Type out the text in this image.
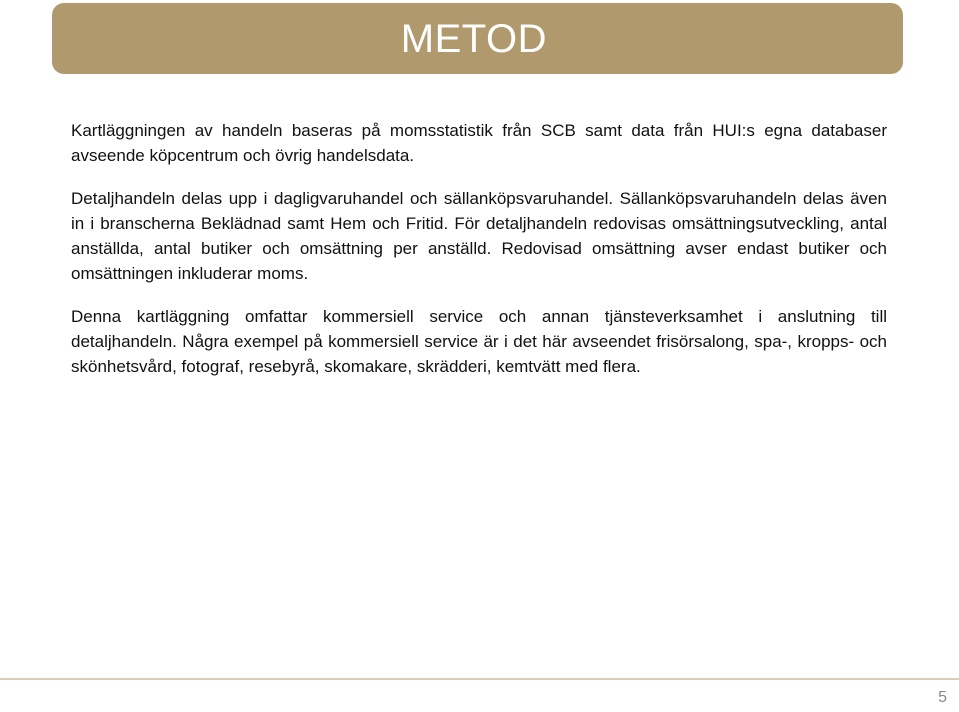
METOD

Kartläggningen av handeln baseras på momsstatistik från SCB samt data från HUI:s egna databaser avseende köpcentrum och övrig handelsdata.

Detaljhandeln delas upp i dagligvaruhandel och sällanköpsvaruhandel. Sällanköpsvaruhandeln delas även in i branscherna Beklädnad samt Hem och Fritid. För detaljhandeln redovisas omsättningsutveckling, antal anställda, antal butiker och omsättning per anställd. Redovisad omsättning avser endast butiker och omsättningen inkluderar moms.

Denna kartläggning omfattar kommersiell service och annan tjänsteverksamhet i anslutning till detaljhandeln. Några exempel på kommersiell service är i det här avseendet frisörsalong, spa-, kropps- och skönhetsvård, fotograf, resebyrå, skomakare, skrädderi, kemtvätt med flera.

5
